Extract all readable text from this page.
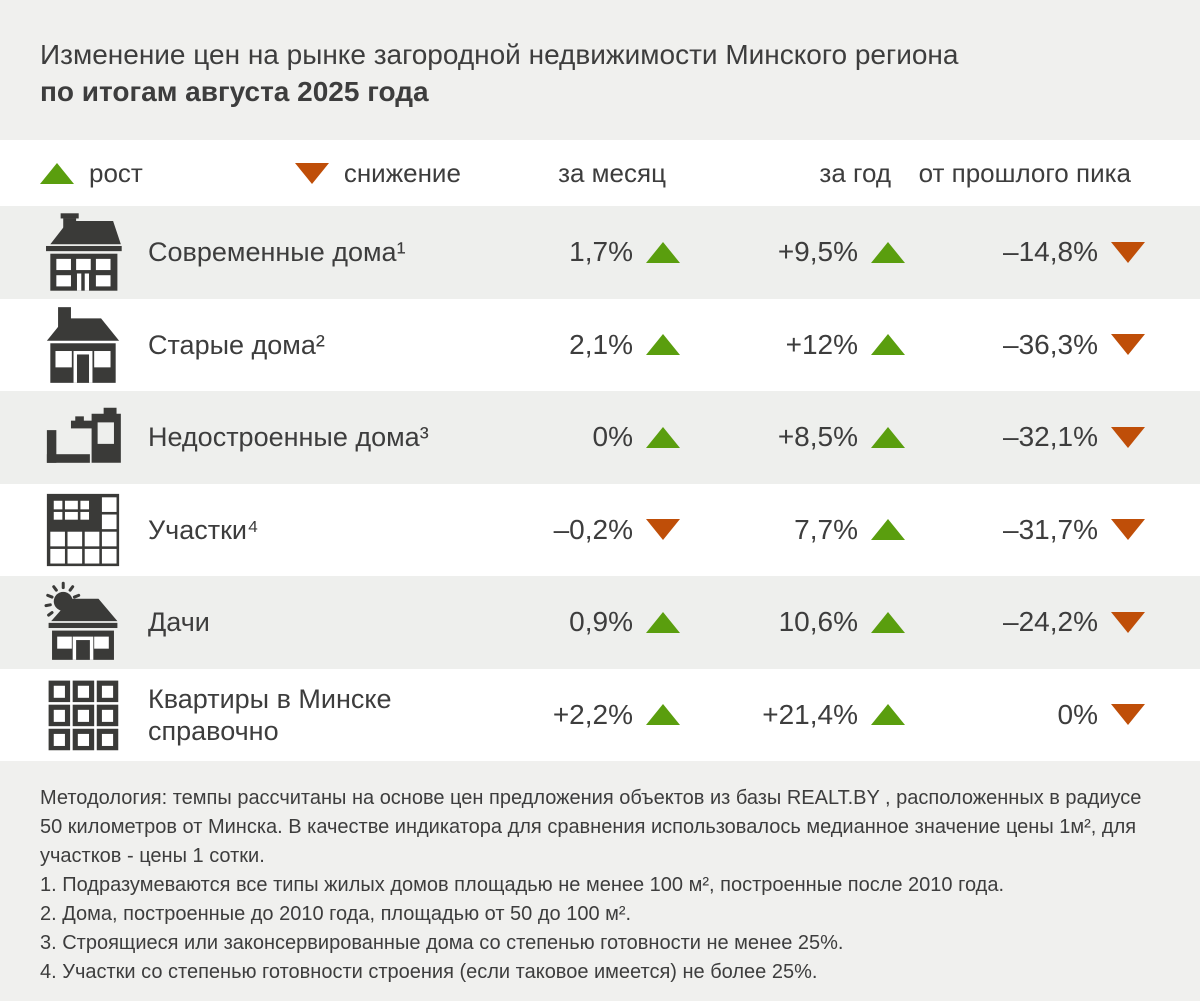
Изменение цен на рынке загородной недвижимости Минского региона
по итогам августа 2025 года
рост	снижение	за месяц	за год	от прошлого пика
Современные дома¹	1,7%	+9,5%	–14,8%
Старые дома²	2,1%	+12%	–36,3%
Недостроенные дома³	0%	+8,5%	–32,1%
Участки⁴	–0,2%	7,7%	–31,7%
Дачи	0,9%	10,6%	–24,2%
Квартиры в Минске
справочно
+2,2%	+21,4%	0%

Методология: темпы рассчитаны на основе цен предложения объектов из базы REALT.BY , расположенных в радиусе 50 километров от Минска. В качестве индикатора для сравнения использовалось медианное значение цены 1м², для участков - цены 1 сотки.

1. Подразумеваются все типы жилых домов площадью не менее 100 м², построенные после 2010 года.

2. Дома, построенные до 2010 года, площадью от 50 до 100 м².

3. Строящиеся или законсервированные дома со степенью готовности не менее 25%.

4. Участки со степенью готовности строения (если таковое имеется) не более 25%.
